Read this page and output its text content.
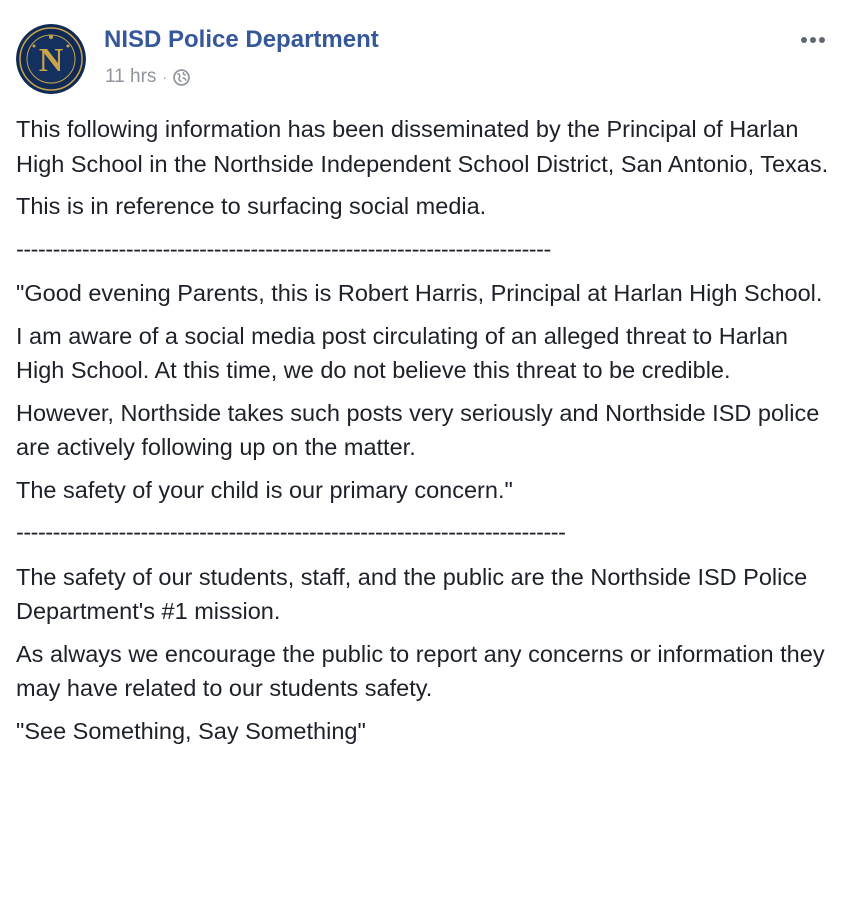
N
NISD Police Department
11 hrs ·

This following information has been disseminated by the Principal of Harlan High School in the Northside Independent School District, San Antonio, Texas.

This is in reference to surfacing social media.

-------------------------------------------------------------------------

"Good evening Parents, this is Robert Harris, Principal at Harlan High School.

I am aware of a social media post circulating of an alleged threat to Harlan High School. At this time, we do not believe this threat to be credible.

However, Northside takes such posts very seriously and Northside ISD police are actively following up on the matter.

The safety of your child is our primary concern."

---------------------------------------------------------------------------

The safety of our students, staff, and the public are the Northside ISD Police Department's #1 mission.

As always we encourage the public to report any concerns or information they may have related to our students safety.

"See Something, Say Something"
